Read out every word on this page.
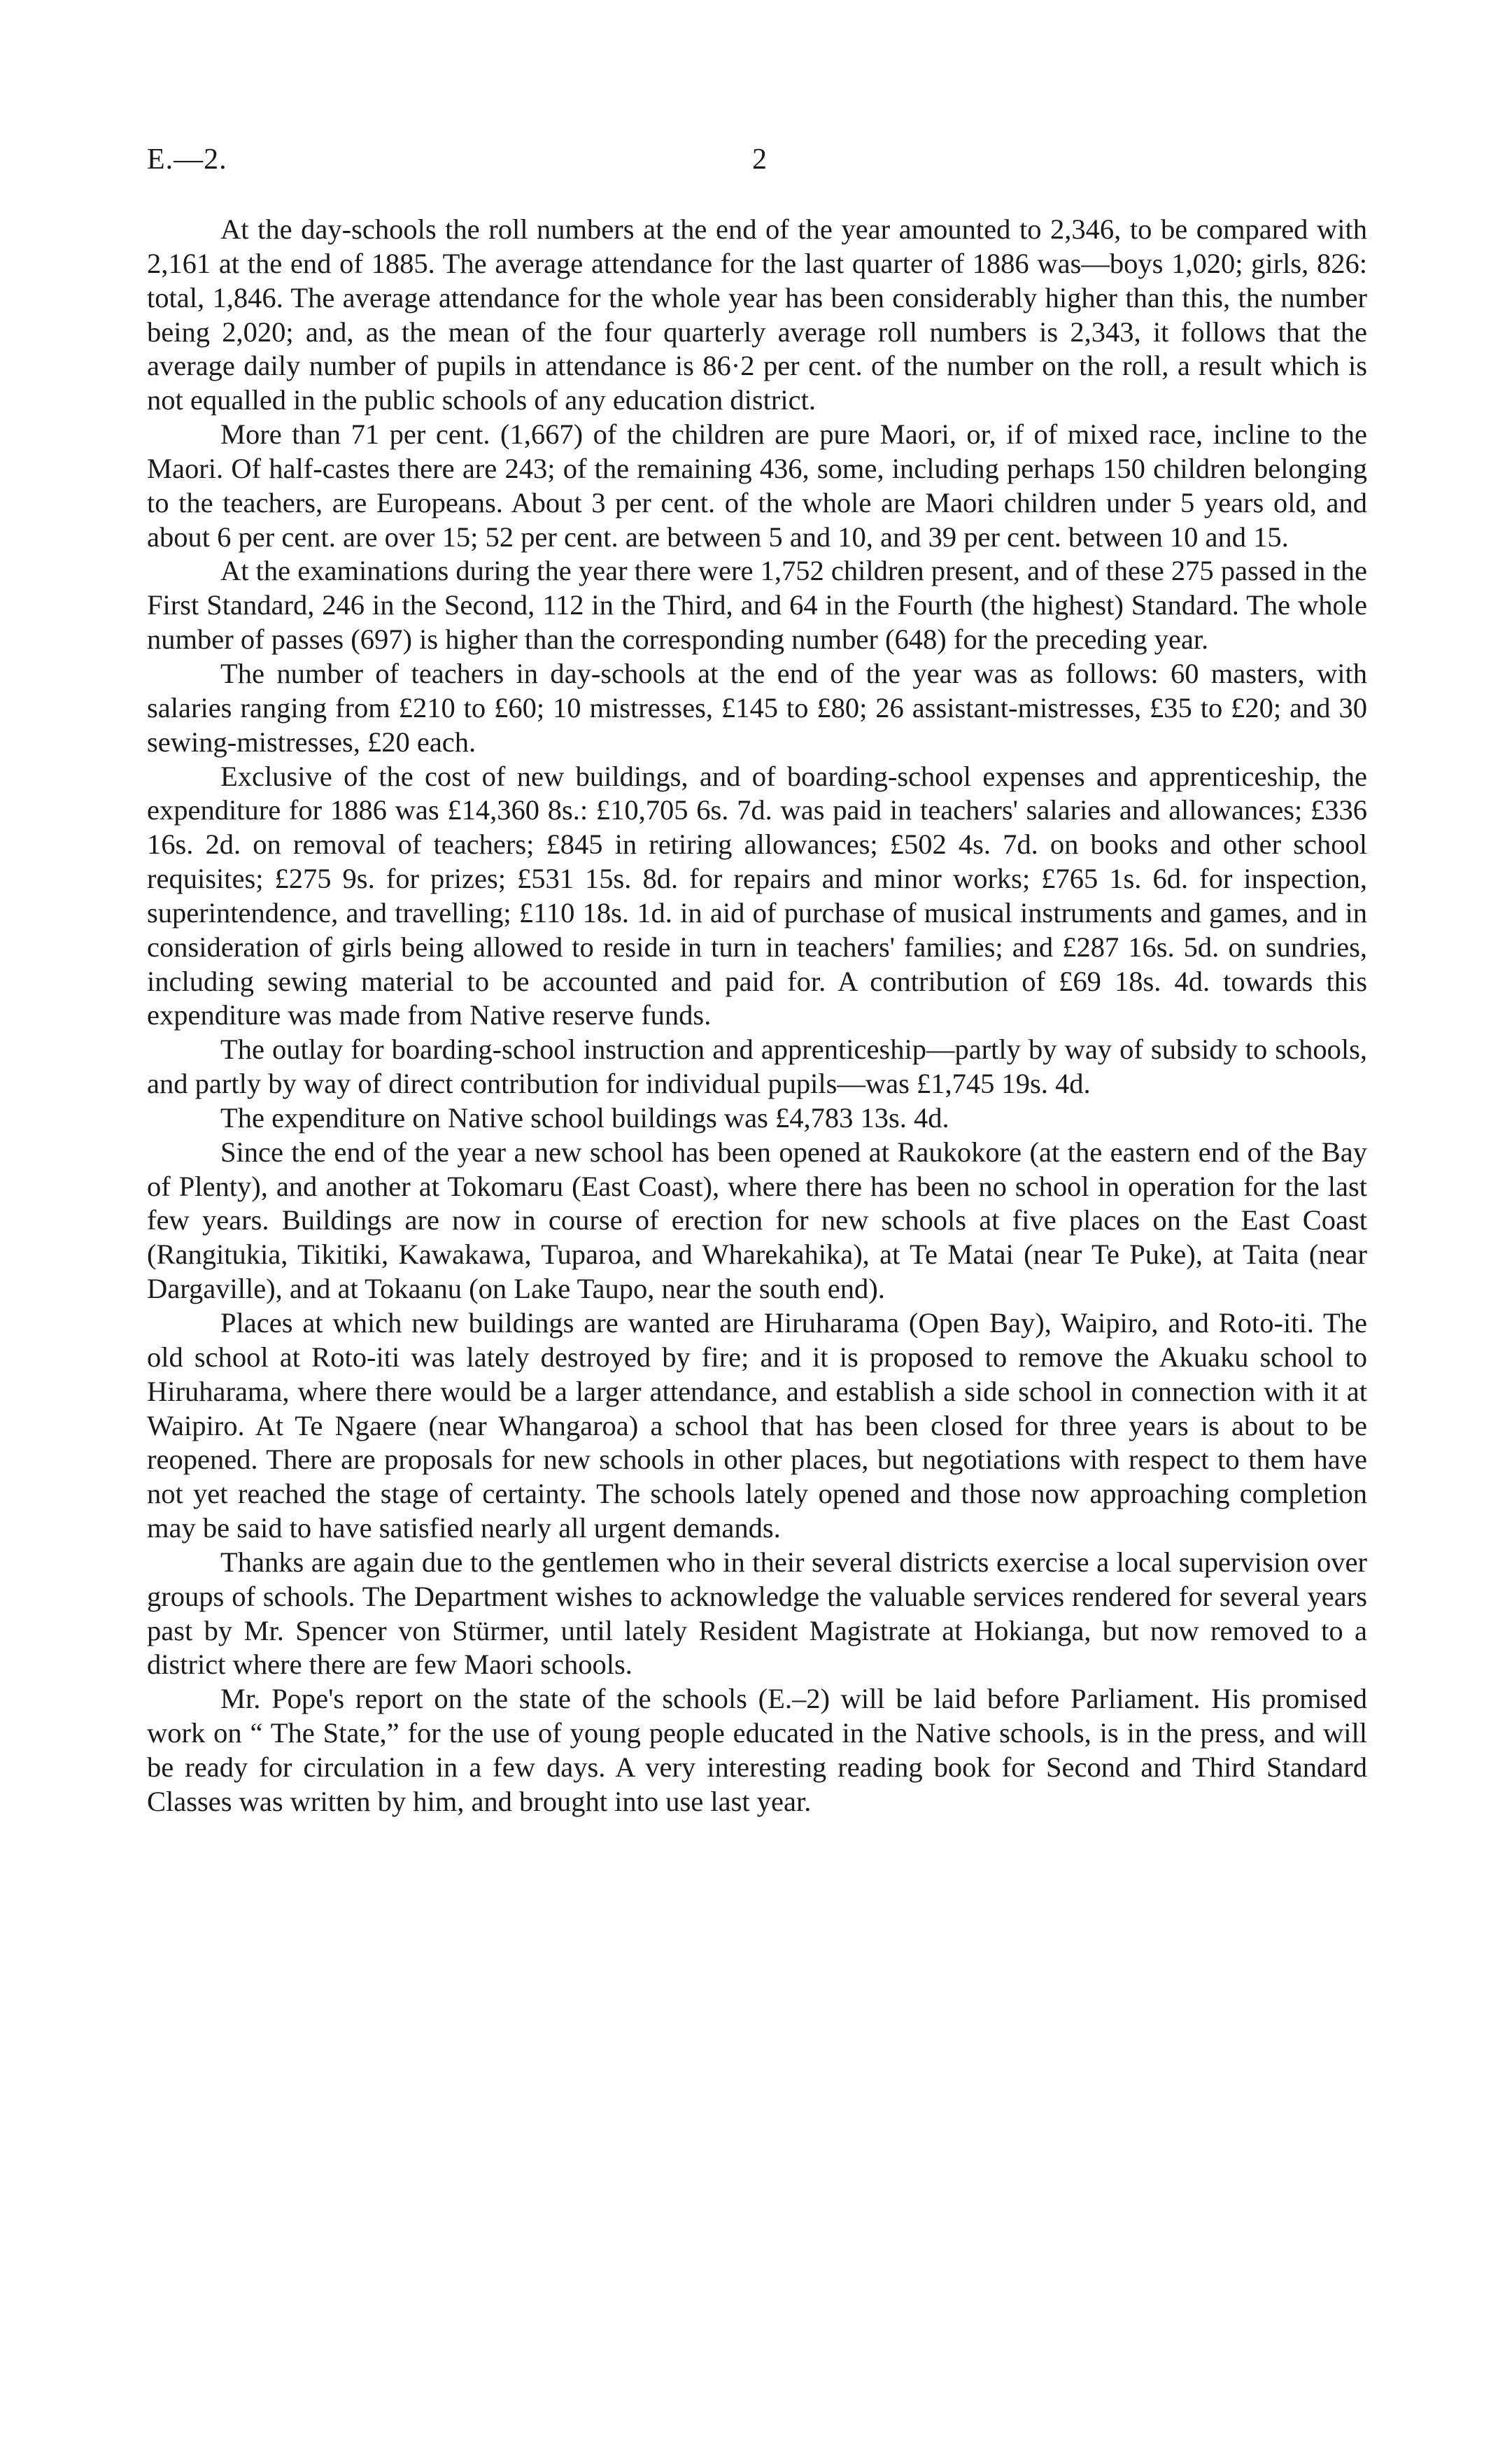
E.—2.	2

At the day-schools the roll numbers at the end of the year amounted to 2,346, to be compared with 2,161 at the end of 1885. The average attendance for the last quarter of 1886 was—boys 1,020; girls, 826: total, 1,846. The average attendance for the whole year has been considerably higher than this, the number being 2,020; and, as the mean of the four quarterly average roll numbers is 2,343, it follows that the average daily number of pupils in attendance is 86·2 per cent. of the number on the roll, a result which is not equalled in the public schools of any education district.

More than 71 per cent. (1,667) of the children are pure Maori, or, if of mixed race, incline to the Maori. Of half-castes there are 243; of the remaining 436, some, including perhaps 150 children belonging to the teachers, are Europeans. About 3 per cent. of the whole are Maori children under 5 years old, and about 6 per cent. are over 15; 52 per cent. are between 5 and 10, and 39 per cent. between 10 and 15.

At the examinations during the year there were 1,752 children present, and of these 275 passed in the First Standard, 246 in the Second, 112 in the Third, and 64 in the Fourth (the highest) Standard. The whole number of passes (697) is higher than the corresponding number (648) for the preceding year.

The number of teachers in day-schools at the end of the year was as follows: 60 masters, with salaries ranging from £210 to £60; 10 mistresses, £145 to £80; 26 assistant-mistresses, £35 to £20; and 30 sewing-mistresses, £20 each.

Exclusive of the cost of new buildings, and of boarding-school expenses and apprenticeship, the expenditure for 1886 was £14,360 8s.: £10,705 6s. 7d. was paid in teachers' salaries and allowances; £336 16s. 2d. on removal of teachers; £845 in retiring allowances; £502 4s. 7d. on books and other school requisites; £275 9s. for prizes; £531 15s. 8d. for repairs and minor works; £765 1s. 6d. for inspection, superintendence, and travelling; £110 18s. 1d. in aid of purchase of musical instruments and games, and in consideration of girls being allowed to reside in turn in teachers' families; and £287 16s. 5d. on sundries, including sewing material to be accounted and paid for. A contribution of £69 18s. 4d. towards this expenditure was made from Native reserve funds.

The outlay for boarding-school instruction and apprenticeship—partly by way of subsidy to schools, and partly by way of direct contribution for individual pupils—was £1,745 19s. 4d.

The expenditure on Native school buildings was £4,783 13s. 4d.

Since the end of the year a new school has been opened at Raukokore (at the eastern end of the Bay of Plenty), and another at Tokomaru (East Coast), where there has been no school in operation for the last few years. Buildings are now in course of erection for new schools at five places on the East Coast (Rangitukia, Tikitiki, Kawakawa, Tuparoa, and Wharekahika), at Te Matai (near Te Puke), at Taita (near Dargaville), and at Tokaanu (on Lake Taupo, near the south end).

Places at which new buildings are wanted are Hiruharama (Open Bay), Waipiro, and Roto-iti. The old school at Roto-iti was lately destroyed by fire; and it is proposed to remove the Akuaku school to Hiruharama, where there would be a larger attendance, and establish a side school in connection with it at Waipiro. At Te Ngaere (near Whangaroa) a school that has been closed for three years is about to be reopened. There are proposals for new schools in other places, but negotiations with respect to them have not yet reached the stage of certainty. The schools lately opened and those now approaching completion may be said to have satisfied nearly all urgent demands.

Thanks are again due to the gentlemen who in their several districts exercise a local supervision over groups of schools. The Department wishes to acknowledge the valuable services rendered for several years past by Mr. Spencer von Stürmer, until lately Resident Magistrate at Hokianga, but now removed to a district where there are few Maori schools.

Mr. Pope's report on the state of the schools (E.–2) will be laid before Parliament. His promised work on “ The State,” for the use of young people educated in the Native schools, is in the press, and will be ready for circulation in a few days. A very interesting reading book for Second and Third Standard Classes was written by him, and brought into use last year.
